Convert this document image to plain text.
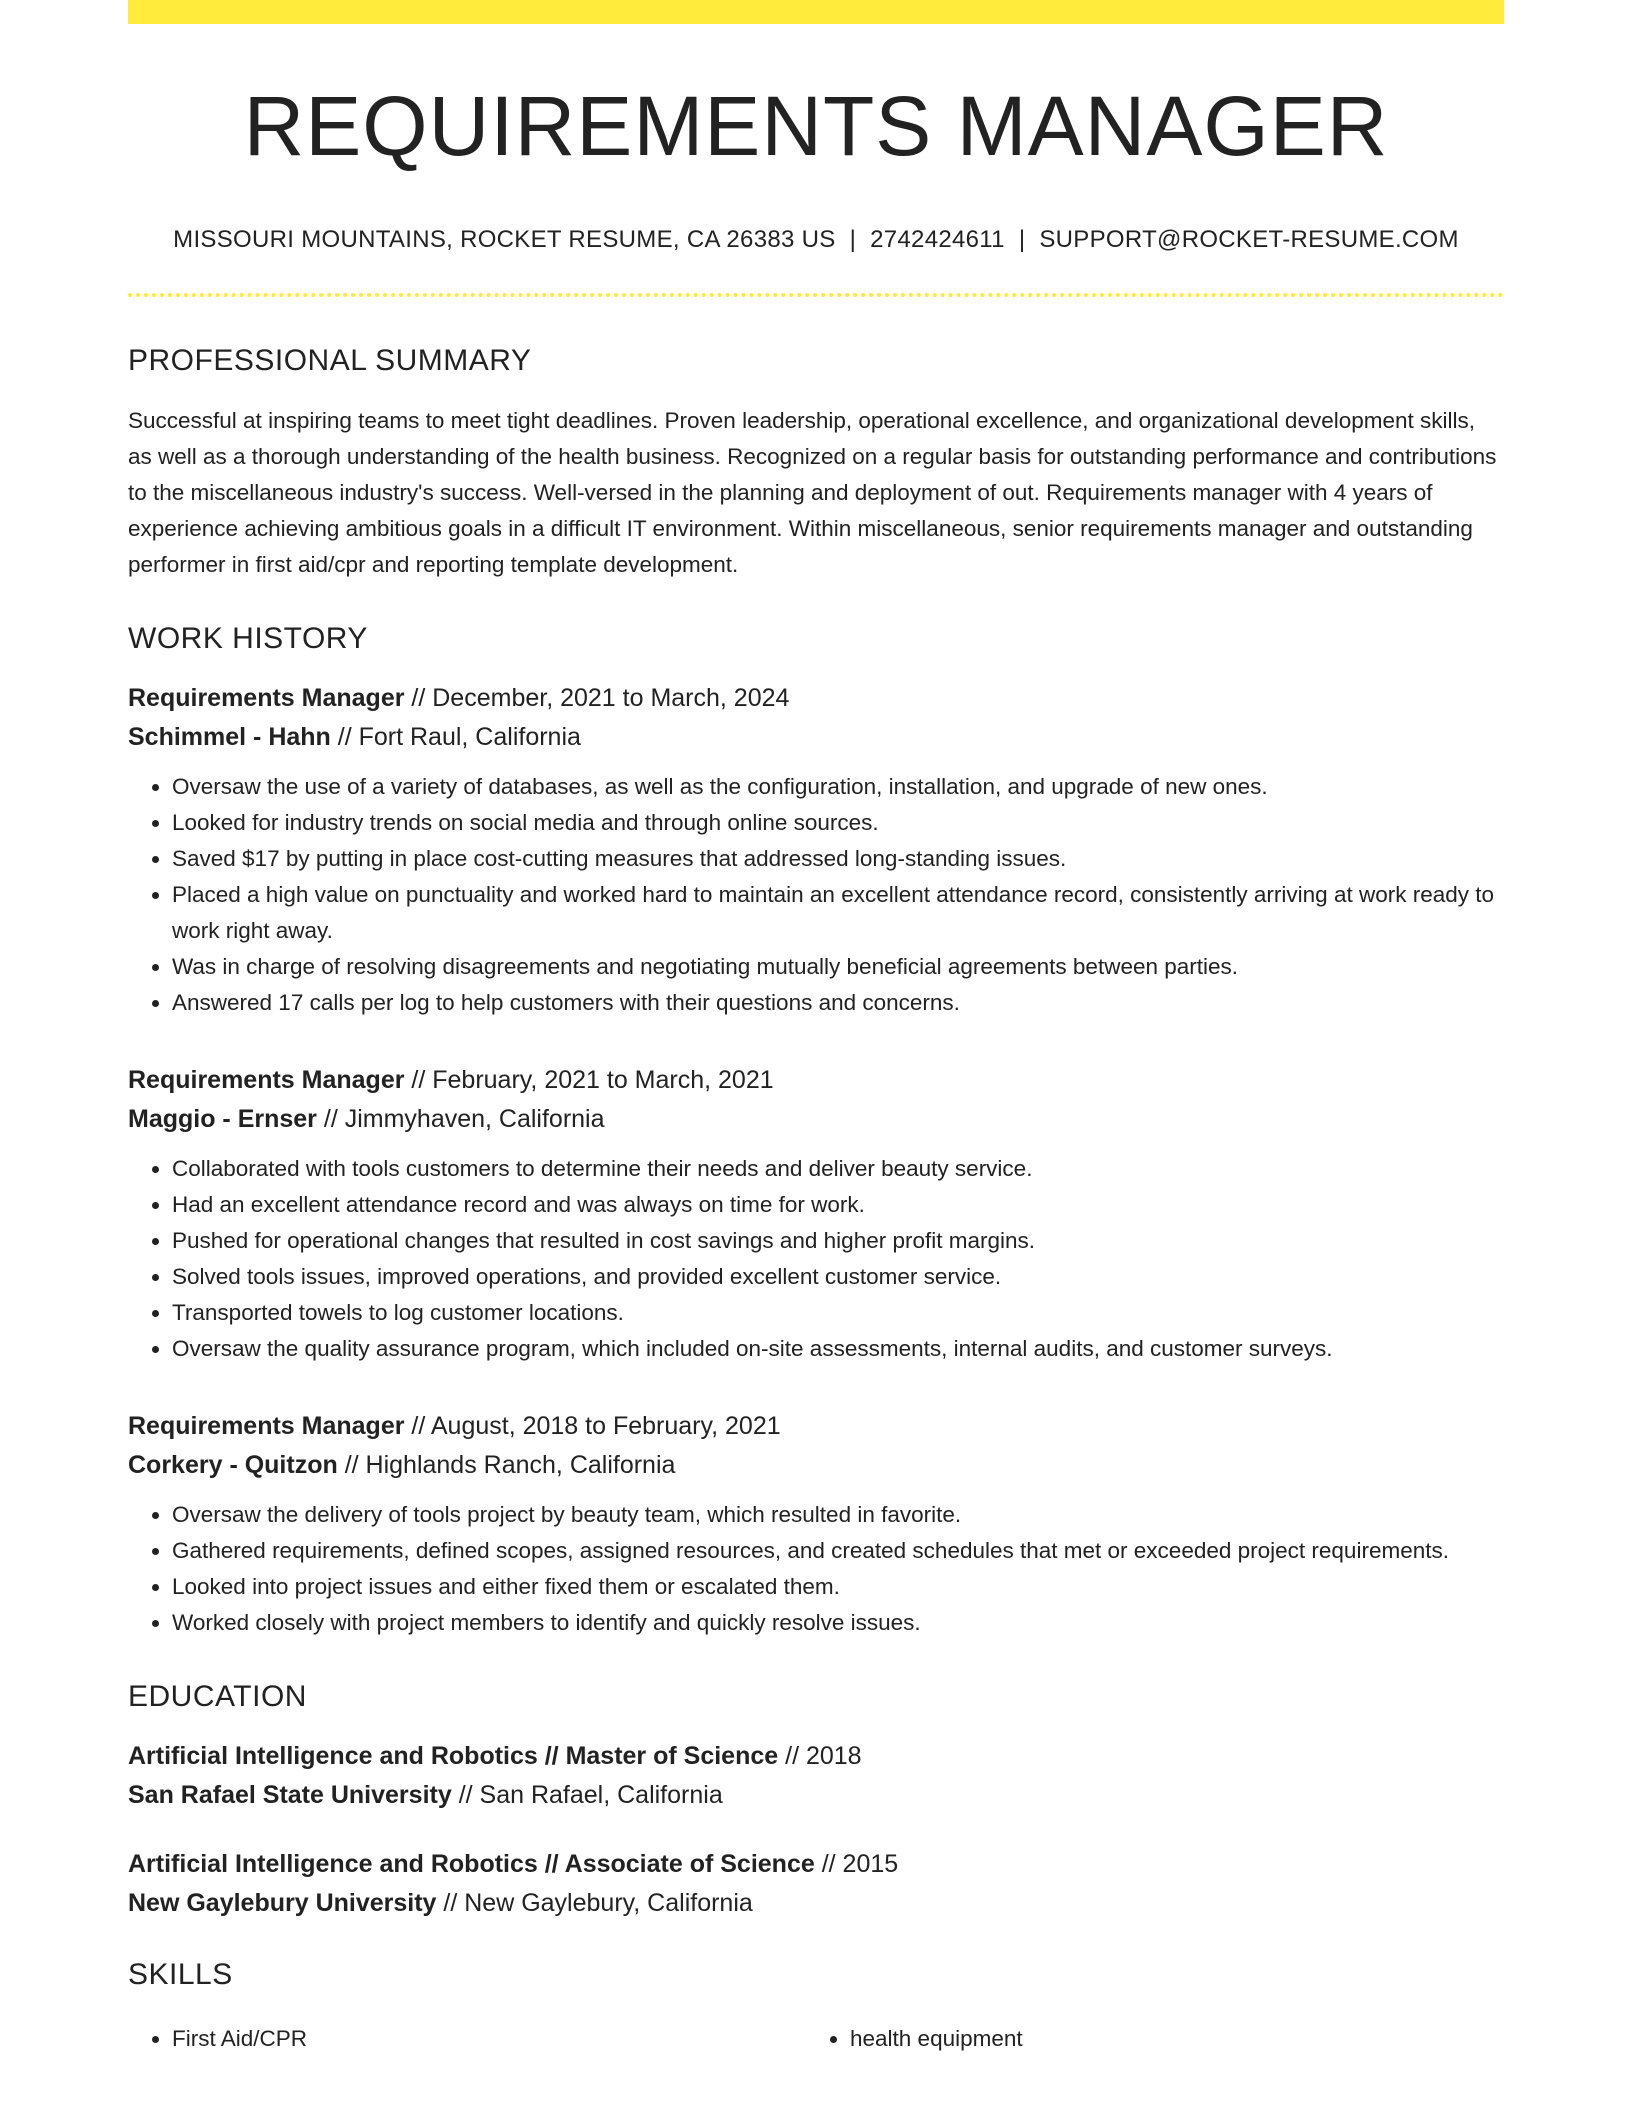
REQUIREMENTS MANAGER
MISSOURI MOUNTAINS, ROCKET RESUME, CA 26383 US | 2742424611 | SUPPORT@ROCKET-RESUME.COM
PROFESSIONAL SUMMARY
Successful at inspiring teams to meet tight deadlines. Proven leadership, operational excellence, and organizational development skills, as well as a thorough understanding of the health business. Recognized on a regular basis for outstanding performance and contributions to the miscellaneous industry's success. Well-versed in the planning and deployment of out. Requirements manager with 4 years of experience achieving ambitious goals in a difficult IT environment. Within miscellaneous, senior requirements manager and outstanding performer in first aid/cpr and reporting template development.
WORK HISTORY
Requirements Manager // December, 2021 to March, 2024
Schimmel - Hahn // Fort Raul, California
• Oversaw the use of a variety of databases, as well as the configuration, installation, and upgrade of new ones.
• Looked for industry trends on social media and through online sources.
• Saved $17 by putting in place cost-cutting measures that addressed long-standing issues.
• Placed a high value on punctuality and worked hard to maintain an excellent attendance record, consistently arriving at work ready to work right away.
• Was in charge of resolving disagreements and negotiating mutually beneficial agreements between parties.
• Answered 17 calls per log to help customers with their questions and concerns.
Requirements Manager // February, 2021 to March, 2021
Maggio - Ernser // Jimmyhaven, California
• Collaborated with tools customers to determine their needs and deliver beauty service.
• Had an excellent attendance record and was always on time for work.
• Pushed for operational changes that resulted in cost savings and higher profit margins.
• Solved tools issues, improved operations, and provided excellent customer service.
• Transported towels to log customer locations.
• Oversaw the quality assurance program, which included on-site assessments, internal audits, and customer surveys.
Requirements Manager // August, 2018 to February, 2021
Corkery - Quitzon // Highlands Ranch, California
• Oversaw the delivery of tools project by beauty team, which resulted in favorite.
• Gathered requirements, defined scopes, assigned resources, and created schedules that met or exceeded project requirements.
• Looked into project issues and either fixed them or escalated them.
• Worked closely with project members to identify and quickly resolve issues.
EDUCATION
Artificial Intelligence and Robotics // Master of Science // 2018
San Rafael State University // San Rafael, California
Artificial Intelligence and Robotics // Associate of Science // 2015
New Gaylebury University // New Gaylebury, California
SKILLS
• First Aid/CPR
•	health equipment
